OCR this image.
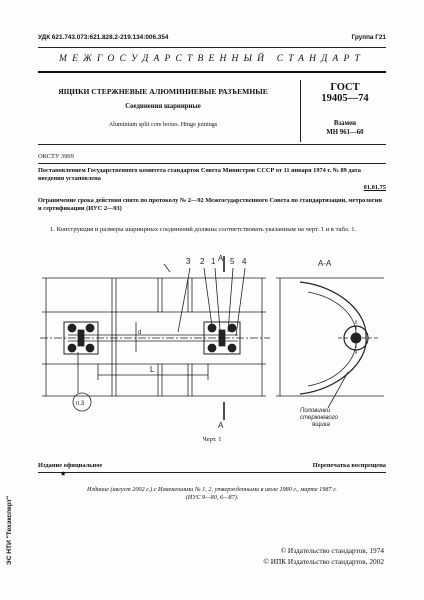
УДК 621.743.073:621.828.2-219.134:006.354	Группа Г21
МЕЖГОСУДАРСТВЕННЫЙ СТАНДАРТ
ЯЩИКИ СТЕРЖНЕВЫЕ АЛЮМИНИЕВЫЕ РАЗЪЕМНЫЕ
Соединения шарнирные
Aluminium split core boxes. Hinge joinings
ГОСТ
19405—74
Взамен
МН 961—60
ОКСТУ 3969
Постановлением Государственного комитета стандартов Совета Министров СССР от 11 января 1974 г. № 89 дата введения установлена
01.01.75
Ограничение срока действия снято по протоколу № 2—92 Межгосударственного Совета по стандартизации, метрологии и сертификации (ИУС 2—93)
1. Конструкция и размеры шарнирных соединений должны соответствовать указанным на черт. 1 и в табл. 1.
А
А
3 2 1 5 4
L
d
п.3
А-А
Половинки
стержневого
ящика
Черт. 1
Издание официальное	Перепечатка воспрещена
★
Издание (август 2002 г.) с Изменениями № 1, 2, утвержденными в июле 1980 г., марте 1987 г.
(ИУС 9—80, 6—87).
© Издательство стандартов, 1974
© ИПК Издательство стандартов, 2002
ЭС НТИ "Техэксперт"
